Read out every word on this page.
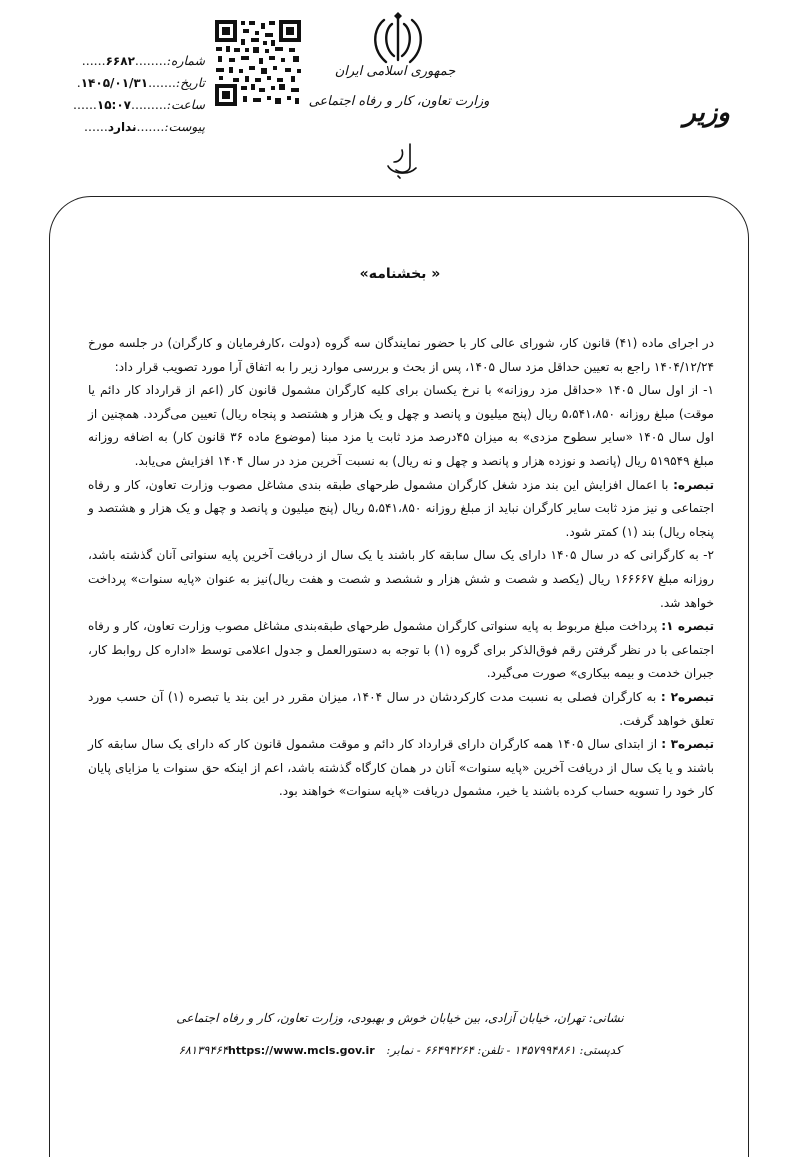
شماره:........۶۶۸۲......
تاریخ:.......۱۴۰۵/۰۱/۳۱.
ساعت:.........۱۵:۰۷......
پیوست:.......ندارد......
جمهوری اسلامی ایران
وزارت تعاون، کار و رفاه اجتماعی	وزیر
« بخشنامه»

در اجرای ماده (۴۱) قانون کار، شورای عالی کار با حضور نمایندگان سه گروه (دولت ،کارفرمایان و کارگران) در جلسه مورخ ۱۴۰۴/۱۲/۲۴ راجع به تعیین حداقل مزد سال ۱۴۰۵، پس از بحث و بررسی موارد زیر را به اتفاق آرا مورد تصویب قرار داد:

۱- از اول سال ۱۴۰۵ «حداقل مزد روزانه» با نرخ یکسان برای کلیه کارگران مشمول قانون کار (اعم از قرارداد کار دائم یا موقت) مبلغ روزانه ۵،۵۴۱،۸۵۰ ریال (پنج میلیون و پانصد و چهل و یک هزار و هشتصد و پنجاه ریال) تعیین می‌گردد. همچنین از اول سال ۱۴۰۵ «سایر سطوح مزدی» به میزان ۴۵درصد مزد ثابت یا مزد مبنا (موضوع ماده ۳۶ قانون کار) به اضافه روزانه مبلغ ۵۱۹۵۴۹ ریال (پانصد و نوزده هزار و پانصد و چهل و نه ریال) به نسبت آخرین مزد در سال ۱۴۰۴ افزایش می‌یابد.

تبصره: با اعمال افزایش این بند مزد شغل کارگران مشمول طرحهای طبقه بندی مشاغل مصوب وزارت تعاون، کار و رفاه اجتماعی و نیز مزد ثابت سایر کارگران نباید از مبلغ روزانه ۵،۵۴۱،۸۵۰ ریال (پنج میلیون و پانصد و چهل و یک هزار و هشتصد و پنجاه ریال) بند (۱) کمتر شود.

۲- به کارگرانی که در سال ۱۴۰۵ دارای یک سال سابقه کار باشند یا یک سال از دریافت آخرین پایه سنواتی آنان گذشته باشد، روزانه مبلغ ۱۶۶۶۶۷ ریال (یکصد و شصت و شش هزار و ششصد و شصت و هفت ریال)نیز به عنوان «پایه سنوات» پرداخت خواهد شد.

تبصره ۱: پرداخت مبلغ مربوط به پایه سنواتی کارگران مشمول طرحهای طبقه‌بندی مشاغل مصوب وزارت تعاون، کار و رفاه اجتماعی با در نظر گرفتن رقم فوق‌الذکر برای گروه (۱) با توجه به دستورالعمل و جدول اعلامی توسط «اداره کل روابط کار، جبران خدمت و بیمه بیکاری» صورت می‌گیرد.

تبصره۲ : به کارگران فصلی به نسبت مدت کارکردشان در سال ۱۴۰۴، میزان مقرر در این بند یا تبصره (۱) آن حسب مورد تعلق خواهد گرفت.

تبصره۳ : از ابتدای سال ۱۴۰۵ همه کارگران دارای قرارداد کار دائم و موقت مشمول قانون کار که دارای یک سال سابقه کار باشند و یا یک سال از دریافت آخرین «پایه سنوات» آنان در همان کارگاه گذشته باشد، اعم از اینکه حق سنوات یا مزایای پایان کار خود را تسویه حساب کرده باشند یا خیر، مشمول دریافت «پایه سنوات» خواهند بود.

نشانی: تهران، خیابان آزادی، بین خیابان خوش و بهبودی، وزارت تعاون، کار و رفاه اجتماعی
کدپستی: ۱۴۵۷۹۹۴۸۶۱ - تلفن: ۶۶۴۹۴۲۶۴ - نمابر: ۶۸۱۳۹۴۶۴https://www.mcls.gov.ir
